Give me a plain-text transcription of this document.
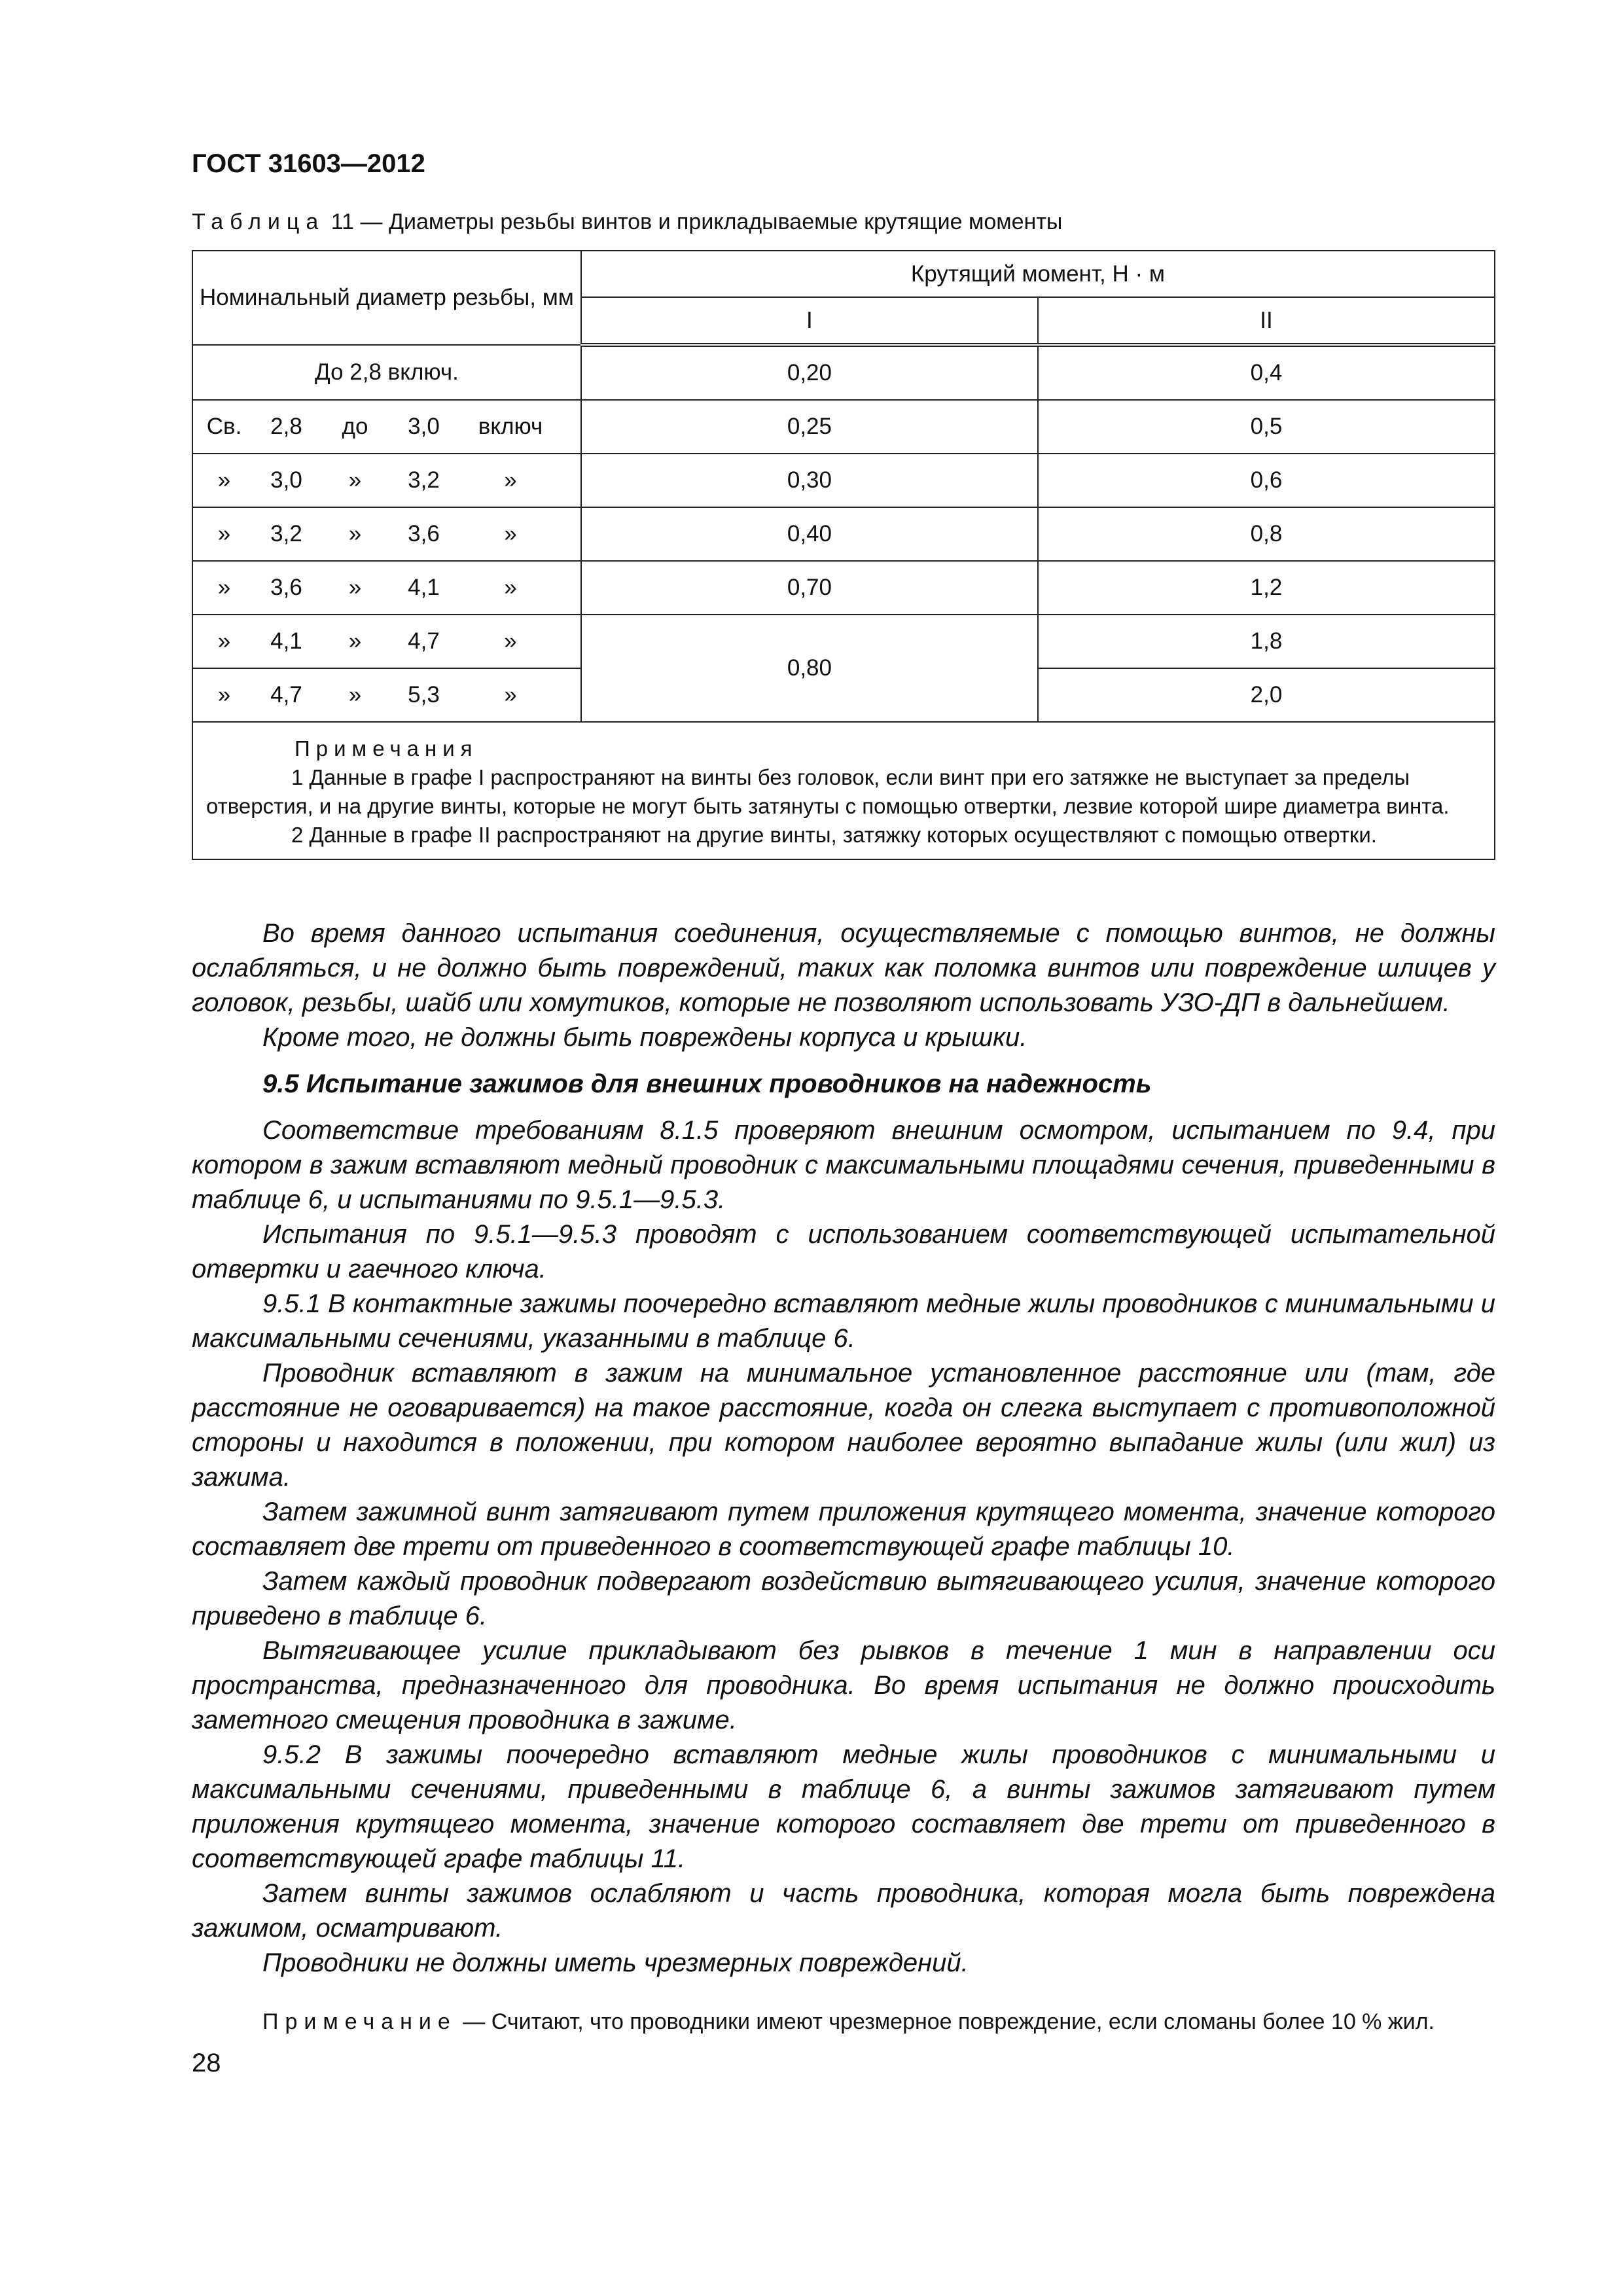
ГОСТ 31603—2012
Таблица 11 — Диаметры резьбы винтов и прикладываемые крутящие моменты
Номинальный диаметр резьбы, мм	Крутящий момент, Н · м	
	I	II
До 2,8 включ.	0,20	0,4

Св. 2,8 до 3,0 включ	0,25	0,5

» 3,0 » 3,2 »	0,30	0,6

» 3,2 » 3,6 »	0,40	0,8

» 3,6 » 4,1 »	0,70	1,2

» 4,1 » 4,7 »	0,80	1,8

» 4,7 » 5,3 »		2,0

Примечания
1 Данные в графе I распространяют на винты без головок, если винт при его затяжке не выступает за пределы отверстия, и на другие винты, которые не могут быть затянуты с помощью отвертки, лезвие которой шире диаметра винта.
2 Данные в графе II распространяют на другие винты, затяжку которых осуществляют с помощью отвертки.		

Во время данного испытания соединения, осуществляемые с помощью винтов, не должны ослабляться, и не должно быть повреждений, таких как поломка винтов или повреждение шлицев у головок, резьбы, шайб или хомутиков, которые не позволяют использовать УЗО-ДП в дальнейшем.

Кроме того, не должны быть повреждены корпуса и крышки.

9.5 Испытание зажимов для внешних проводников на надежность

Соответствие требованиям 8.1.5 проверяют внешним осмотром, испытанием по 9.4, при котором в зажим вставляют медный проводник с максимальными площадями сечения, приведенными в таблице 6, и испытаниями по 9.5.1—9.5.3.

Испытания по 9.5.1—9.5.3 проводят с использованием соответствующей испытательной отвертки и гаечного ключа.

9.5.1 В контактные зажимы поочередно вставляют медные жилы проводников с минимальными и максимальными сечениями, указанными в таблице 6.

Проводник вставляют в зажим на минимальное установленное расстояние или (там, где расстояние не оговаривается) на такое расстояние, когда он слегка выступает с противоположной стороны и находится в положении, при котором наиболее вероятно выпадание жилы (или жил) из зажима.

Затем зажимной винт затягивают путем приложения крутящего момента, значение которого составляет две трети от приведенного в соответствующей графе таблицы 10.

Затем каждый проводник подвергают воздействию вытягивающего усилия, значение которого приведено в таблице 6.

Вытягивающее усилие прикладывают без рывков в течение 1 мин в направлении оси пространства, предназначенного для проводника. Во время испытания не должно происходить заметного смещения проводника в зажиме.

9.5.2 В зажимы поочередно вставляют медные жилы проводников с минимальными и максимальными сечениями, приведенными в таблице 6, а винты зажимов затягивают путем приложения крутящего момента, значение которого составляет две трети от приведенного в соответствующей графе таблицы 11.

Затем винты зажимов ослабляют и часть проводника, которая могла быть повреждена зажимом, осматривают.

Проводники не должны иметь чрезмерных повреждений.

Примечание — Считают, что проводники имеют чрезмерное повреждение, если сломаны более 10 % жил.
28
